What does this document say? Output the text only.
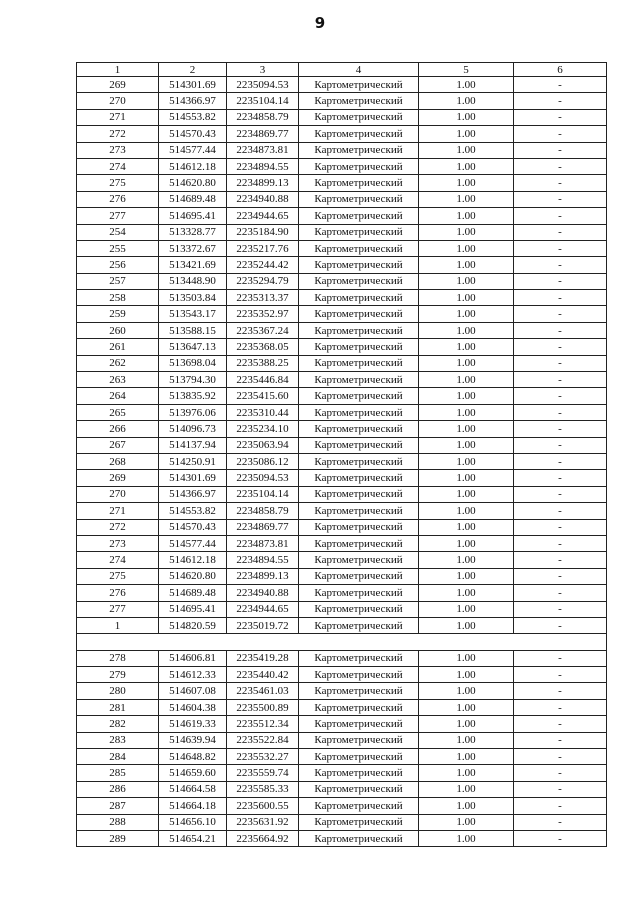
9
1	2	3	4	5	6
269	514301.69	2235094.53	Картометрический	1.00	-
270	514366.97	2235104.14	Картометрический	1.00	-
271	514553.82	2234858.79	Картометрический	1.00	-
272	514570.43	2234869.77	Картометрический	1.00	-
273	514577.44	2234873.81	Картометрический	1.00	-
274	514612.18	2234894.55	Картометрический	1.00	-
275	514620.80	2234899.13	Картометрический	1.00	-
276	514689.48	2234940.88	Картометрический	1.00	-
277	514695.41	2234944.65	Картометрический	1.00	-
254	513328.77	2235184.90	Картометрический	1.00	-
255	513372.67	2235217.76	Картометрический	1.00	-
256	513421.69	2235244.42	Картометрический	1.00	-
257	513448.90	2235294.79	Картометрический	1.00	-
258	513503.84	2235313.37	Картометрический	1.00	-
259	513543.17	2235352.97	Картометрический	1.00	-
260	513588.15	2235367.24	Картометрический	1.00	-
261	513647.13	2235368.05	Картометрический	1.00	-
262	513698.04	2235388.25	Картометрический	1.00	-
263	513794.30	2235446.84	Картометрический	1.00	-
264	513835.92	2235415.60	Картометрический	1.00	-
265	513976.06	2235310.44	Картометрический	1.00	-
266	514096.73	2235234.10	Картометрический	1.00	-
267	514137.94	2235063.94	Картометрический	1.00	-
268	514250.91	2235086.12	Картометрический	1.00	-
269	514301.69	2235094.53	Картометрический	1.00	-
270	514366.97	2235104.14	Картометрический	1.00	-
271	514553.82	2234858.79	Картометрический	1.00	-
272	514570.43	2234869.77	Картометрический	1.00	-
273	514577.44	2234873.81	Картометрический	1.00	-
274	514612.18	2234894.55	Картометрический	1.00	-
275	514620.80	2234899.13	Картометрический	1.00	-
276	514689.48	2234940.88	Картометрический	1.00	-
277	514695.41	2234944.65	Картометрический	1.00	-
1	514820.59	2235019.72	Картометрический	1.00	-

278	514606.81	2235419.28	Картометрический	1.00	-
279	514612.33	2235440.42	Картометрический	1.00	-
280	514607.08	2235461.03	Картометрический	1.00	-
281	514604.38	2235500.89	Картометрический	1.00	-
282	514619.33	2235512.34	Картометрический	1.00	-
283	514639.94	2235522.84	Картометрический	1.00	-
284	514648.82	2235532.27	Картометрический	1.00	-
285	514659.60	2235559.74	Картометрический	1.00	-
286	514664.58	2235585.33	Картометрический	1.00	-
287	514664.18	2235600.55	Картометрический	1.00	-
288	514656.10	2235631.92	Картометрический	1.00	-
289	514654.21	2235664.92	Картометрический	1.00	-
